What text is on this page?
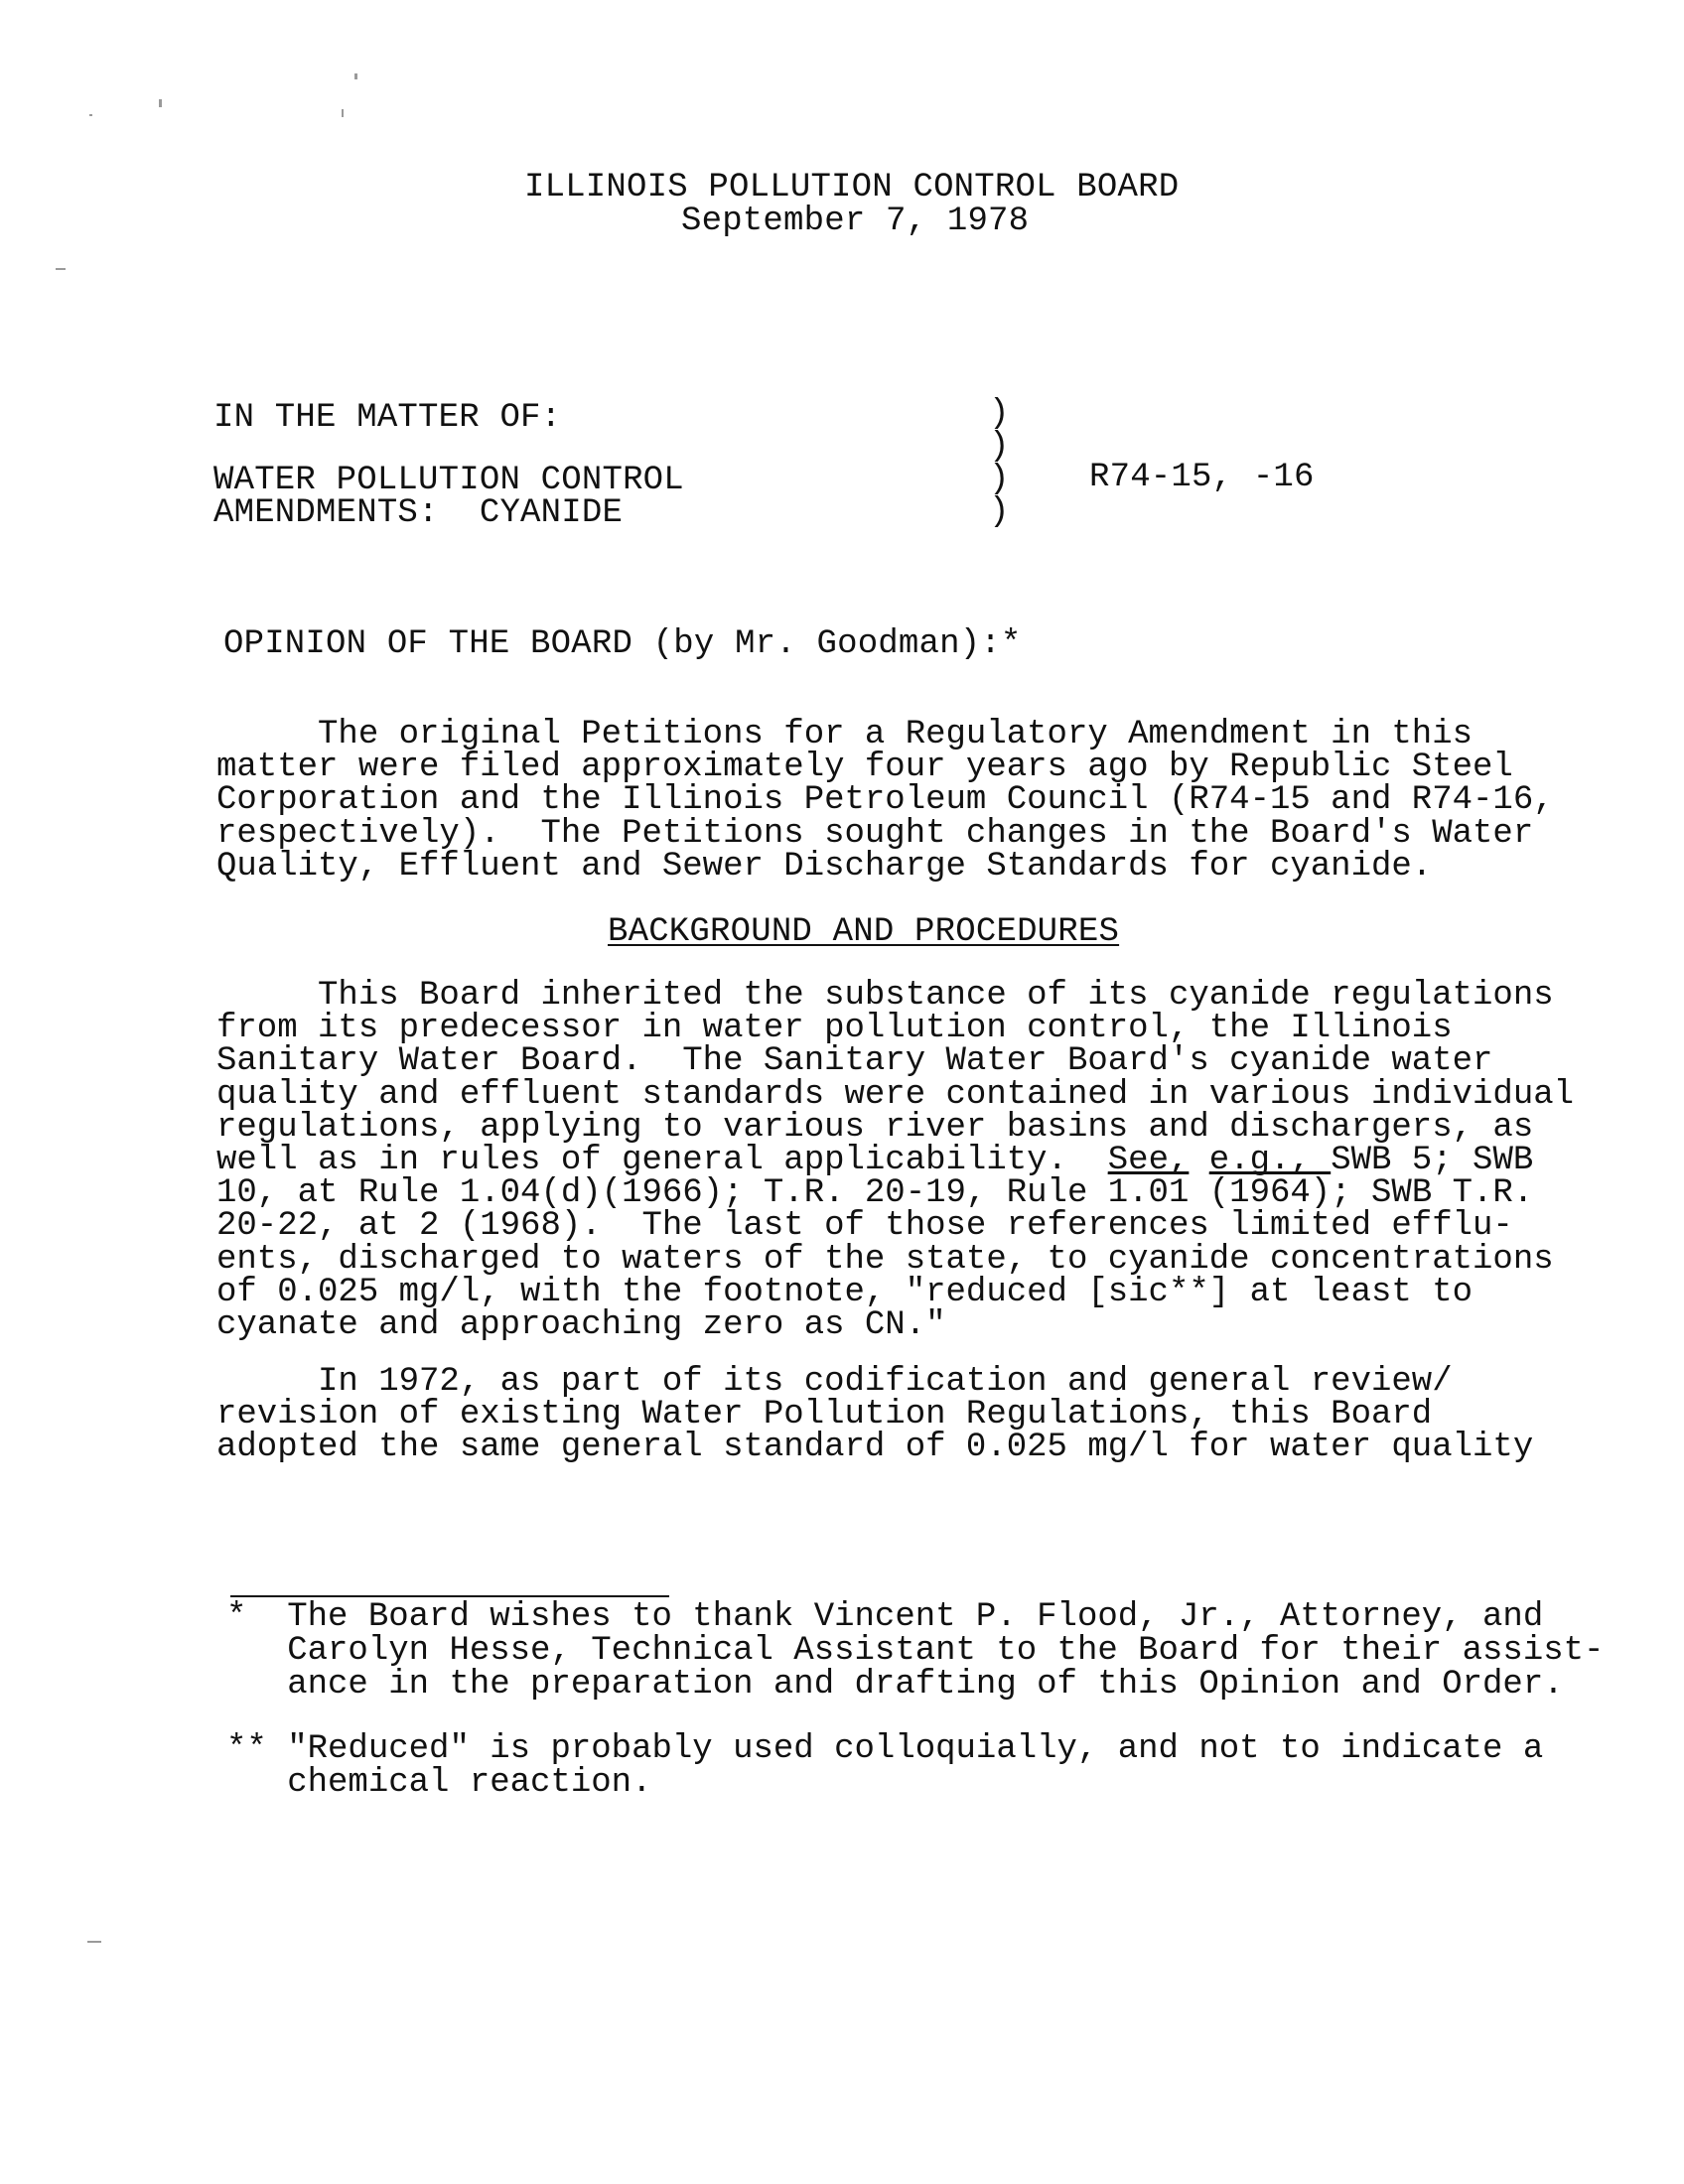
ILLINOIS POLLUTION CONTROL BOARD
September 7, 1978
IN THE MATTER OF:
WATER POLLUTION CONTROL
AMENDMENTS:  CYANIDE
)
)
)
)
R74-15, -16
OPINION OF THE BOARD (by Mr. Goodman):*
The original Petitions for a Regulatory Amendment in this
matter were filed approximately four years ago by Republic Steel
Corporation and the Illinois Petroleum Council (R74-15 and R74-16,
respectively).  The Petitions sought changes in the Board's Water
Quality, Effluent and Sewer Discharge Standards for cyanide.
BACKGROUND AND PROCEDURES
This Board inherited the substance of its cyanide regulations
from its predecessor in water pollution control, the Illinois
Sanitary Water Board.  The Sanitary Water Board's cyanide water
quality and effluent standards were contained in various individual
regulations, applying to various river basins and dischargers, as
well as in rules of general applicability. See, e.g., SWB 5; SWB
10, at Rule 1.04(d)(1966); T.R. 20-19, Rule 1.01 (1964); SWB T.R.
20-22, at 2 (1968).  The last of those references limited efflu-
ents, discharged to waters of the state, to cyanide concentrations
of 0.025 mg/l, with the footnote, "reduced [sic**] at least to
cyanate and approaching zero as CN."
In 1972, as part of its codification and general review/
revision of existing Water Pollution Regulations, this Board
adopted the same general standard of 0.025 mg/l for water quality
* The Board wishes to thank Vincent P. Flood, Jr., Attorney, and
Carolyn Hesse, Technical Assistant to the Board for their assist-
ance in the preparation and drafting of this Opinion and Order.
** "Reduced" is probably used colloquially, and not to indicate a
chemical reaction.
